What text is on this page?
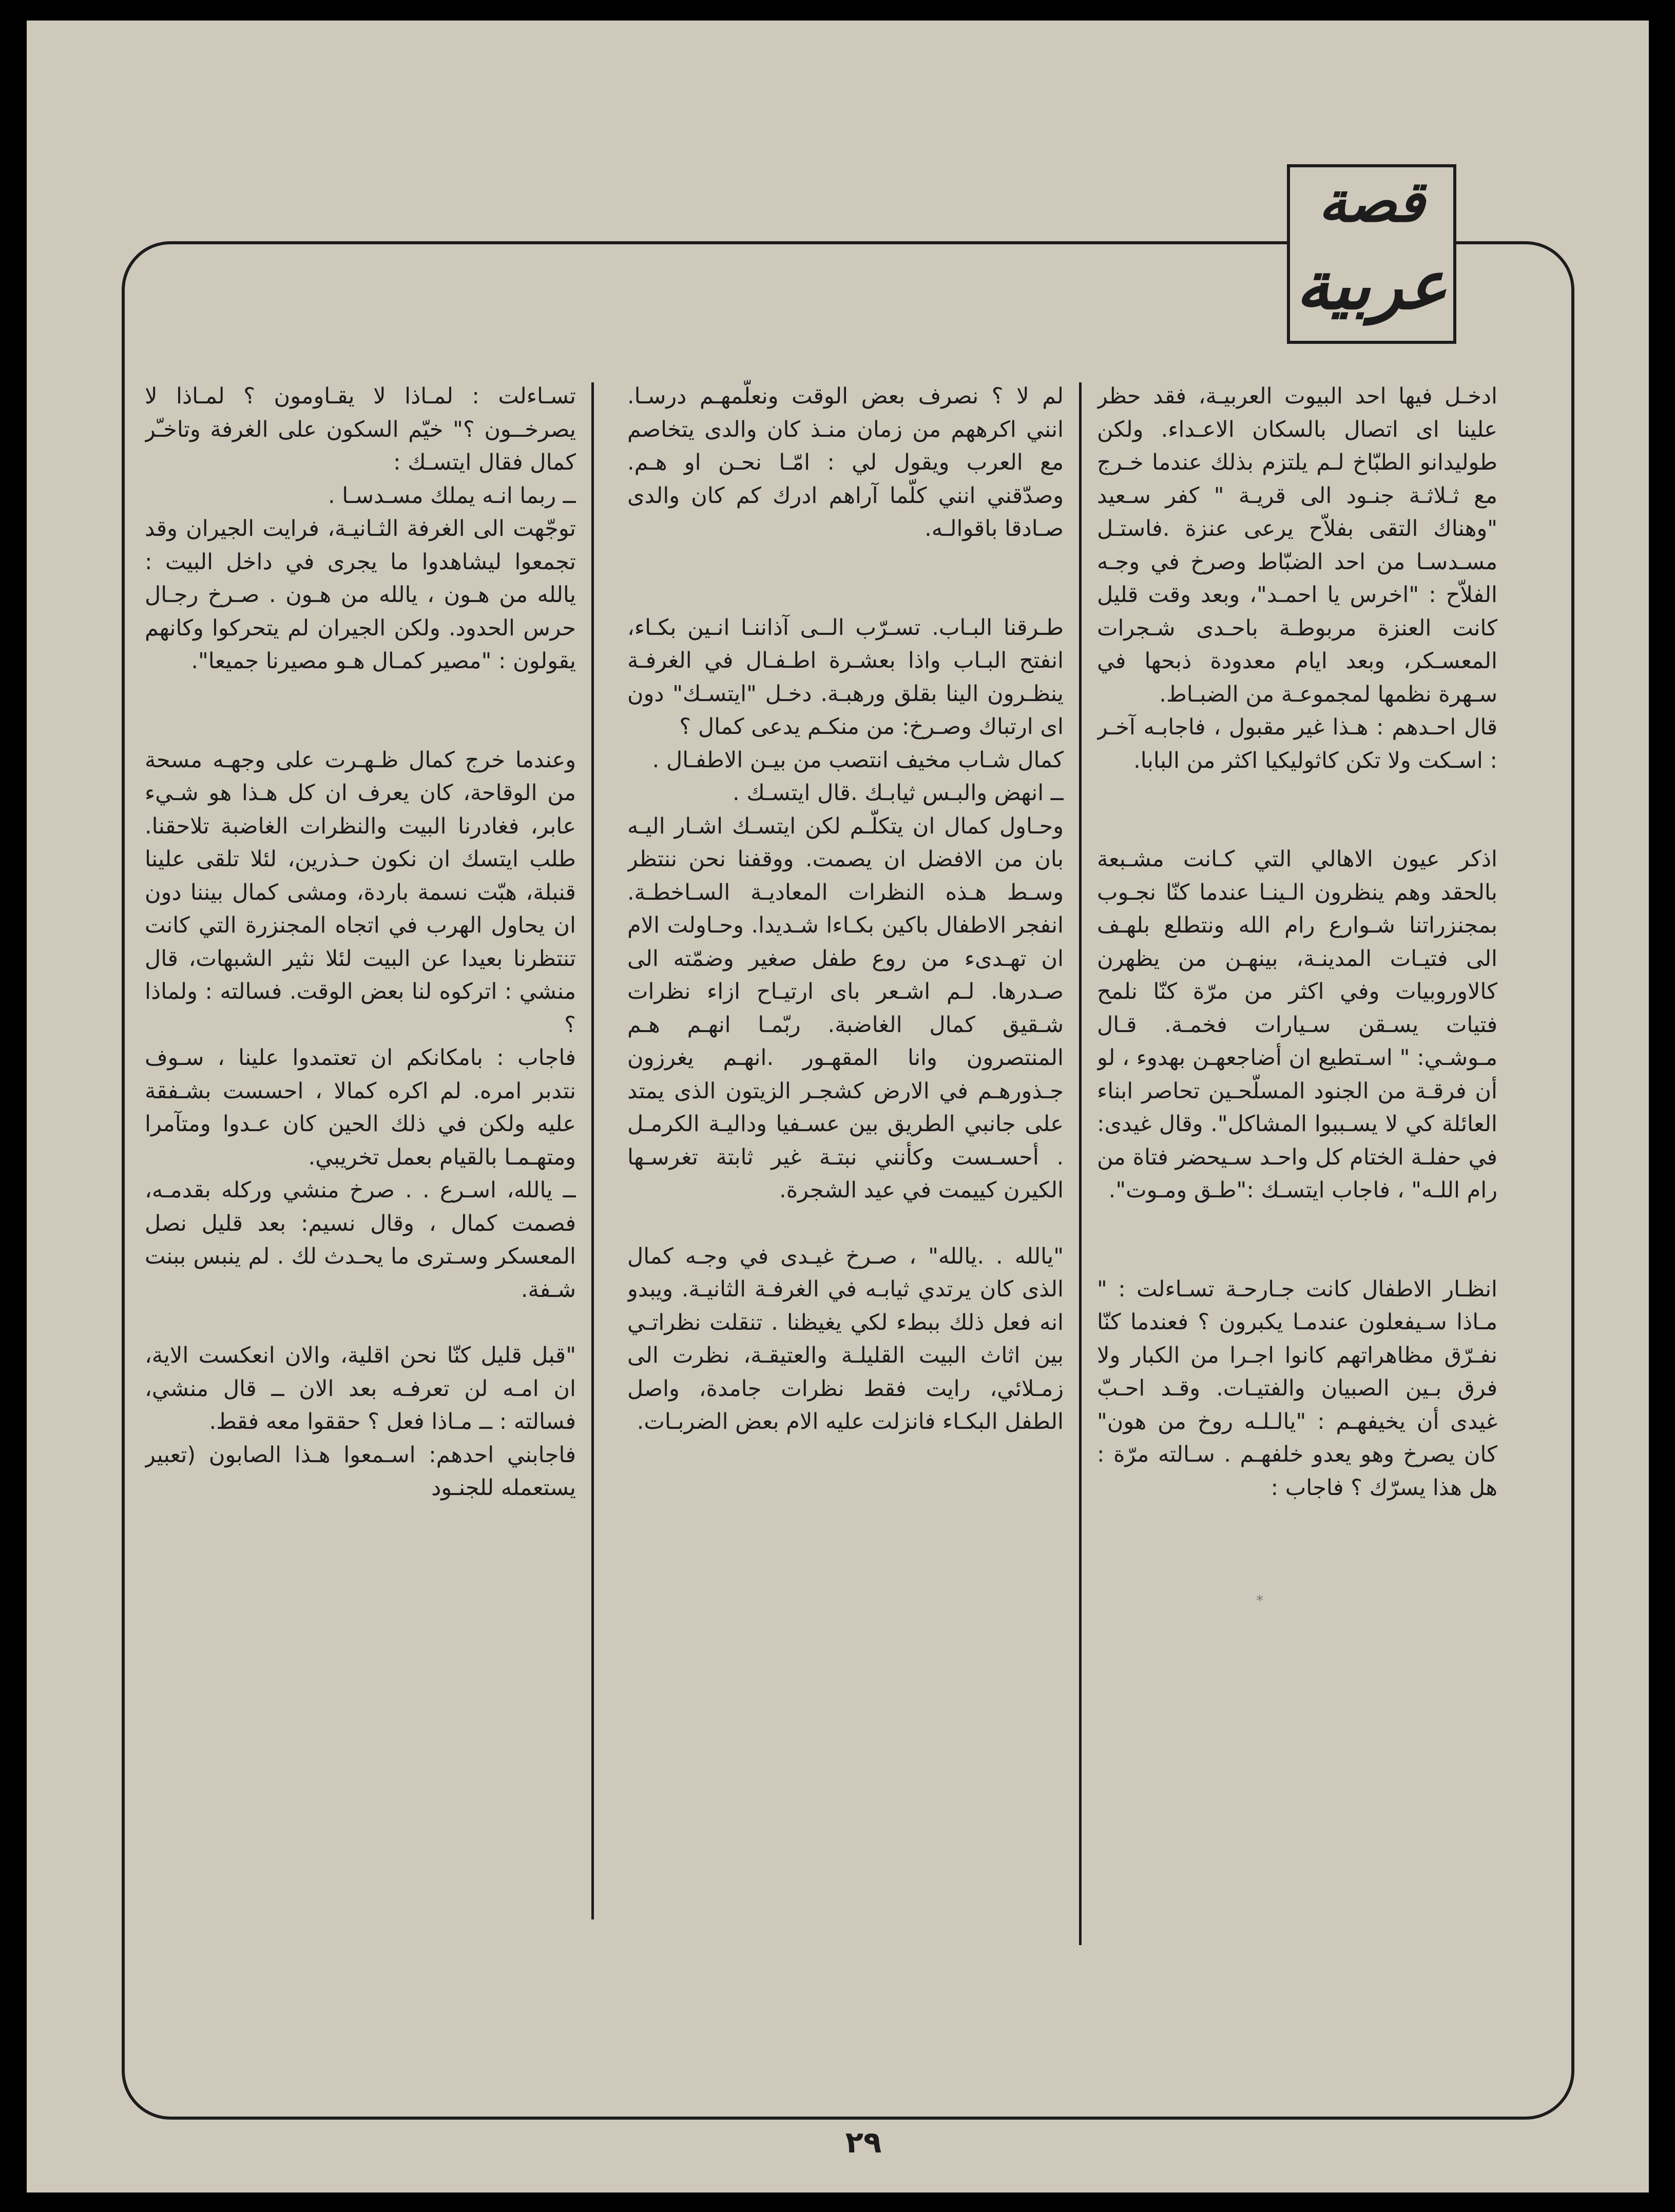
قصة
عربية

ادخـل فيها احد البيوت العربيـة، فقد حظر علينا اى اتصال بالسكان الاعـداء. ولكن طوليدانو الطبّاخ لـم يلتزم بذلك عندما خـرج مع ثـلاثـة جنـود الى قريـة " كفر سـعيد "وهناك التقى بفلاّح يرعى عنزة .فاستـل مسـدسـا من احد الضبّاط وصرخ في وجـه الفلاّح : "اخرس يا احمـد"، وبعد وقت قليل كانت العنزة مربوطـة باحـدى شـجرات المعسـكر، وبعد ايام معدودة ذبحها في سـهرة نظمها لمجموعـة من الضبـاط.

قال احـدهم : هـذا غير مقبول ، فاجابـه آخـر : اسـكت ولا تكن كاثوليكيا اكثر من البابا.

اذكر عيون الاهالي التي كـانت مشـبعة بالحقد وهم ينظرون الـينـا عندما كنّا نجـوب بمجنزراتنا شـوارع رام الله ونتطلع بلهـف الى فتيـات المدينـة، بينهـن من يظهرن كالاوروبيات وفي اكثر من مرّة كنّا نلمح فتيات يسـقن سـيارات فخمـة. قـال مـوشـي: " اسـتطيع ان أضاجعهـن بهدوء ، لو أن فرقـة من الجنود المسلّحـين تحاصر ابناء العائلة كي لا يسـببوا المشاكل". وقال غيدى: في حفلـة الختام كل واحـد سـيحضر فتاة من رام اللـه" ، فاجاب ايتسـك :"طـق ومـوت".

انظـار الاطفال كانت جـارحـة تسـاءلت : " مـاذا سـيفعلون عندمـا يكبرون ؟ فعندما كنّا نفـرّق مظاهراتهم كانوا اجـرا من الكبار ولا فرق بـين الصبيان والفتيـات. وقـد احـبّ غيدى أن يخيفهـم : "يالـلـه روخ من هون" كان يصرخ وهو يعدو خلفهـم . سـالته مرّة : هل هذا يسرّك ؟ فاجاب :

لم لا ؟ نصرف بعض الوقت ونعلّمهـم درسـا. انني اكرههم من زمان منـذ كان والدى يتخاصم مع العرب ويقول لي : امّـا نحـن او هـم. وصدّقني انني كلّما آراهم ادرك كم كان والدى صـادقا باقوالـه.

طـرقنا البـاب. تسـرّب الــى آذاننـا انـين بكـاء، انفتح البـاب واذا بعشـرة اطـفـال في الغرفـة ينظـرون الينا بقلق ورهبـة. دخـل "ايتسـك" دون اى ارتباك وصـرخ: من منكـم يدعى كمال ؟

كمال شـاب مخيف انتصب من بيـن الاطفـال .

ــ انهض والبـس ثيابـك .قال ايتسـك .

وحـاول كمال ان يتكلّـم لكن ايتسـك اشـار اليـه بان من الافضل ان يصمت. ووقفنا نحن ننتظر وسـط هـذه النظرات المعاديـة السـاخطـة. انفجر الاطفال باكين بكـاءا شـديدا. وحـاولت الام ان تهـدىء من روع طفل صغير وضمّته الى صـدرها. لـم اشـعر باى ارتيـاح ازاء نظرات شـقيق كمال الغاضبة. ربّمـا انهـم هـم المنتصرون وانا المقهـور .انهـم يغرزون جـذورهـم في الارض كشجـر الزيتون الذى يمتد على جانبي الطريق بين عسـفيا وداليـة الكرمـل . أحسـست وكأنني نبتـة غير ثابتة تغرسـها الكيرن كييمت في عيد الشجرة.

"يالله . .يالله" ، صـرخ غيـدى في وجـه كمال الذى كان يرتدي ثيابـه في الغرفـة الثانيـة. ويبدو انه فعل ذلك ببطء لكي يغيظنا . تنقلت نظراتـي بين اثاث البيت القليلـة والعتيقـة، نظرت الى زمـلائي، رايت فقط نظرات جامدة، واصل الطفل البكـاء فانزلت عليه الام بعض الضربـات.

تسـاءلت : لمـاذا لا يقـاومون ؟ لمـاذا لا يصرخــون ؟" خيّم السكون على الغرفة وتاخـّر كمال فقال ايتسـك :

ــ ربما انـه يملك مسـدسـا .

توجّهت الى الغرفة الثـانيـة، فرايت الجيران وقد تجمعوا ليشاهدوا ما يجرى في داخل البيت : يالله من هـون ، يالله من هـون . صـرخ رجـال حرس الحدود. ولكن الجيران لم يتحركوا وكانهم يقولون : "مصير كمـال هـو مصيرنا جميعا".

وعندما خرج كمال ظـهـرت على وجهـه مسحة من الوقاحة، كان يعرف ان كل هـذا هو شـيء عابر، فغادرنا البيت والنظرات الغاضبة تلاحقنا. طلب ايتسك ان نكون حـذرين، لئلا تلقى علينا قنبلة، هبّت نسمة باردة، ومشى كمال بيننا دون ان يحاول الهرب في اتجاه المجنزرة التي كانت تنتظرنا بعيدا عن البيت لئلا نثير الشبهات، قال منشي : اتركوه لنا بعض الوقت. فسالته : ولماذا ؟

فاجاب : بامكانكم ان تعتمدوا علينا ، سـوف نتدبر امره. لم اكره كمالا ، احسست بشـفقة عليه ولكن في ذلك الحين كان عـدوا ومتآمرا ومتهـمـا بالقيام بعمل تخريبي.

ــ يالله، اسـرع . . صرخ منشي وركله بقدمـه، فصمت كمال ، وقال نسيم: بعد قليل نصل المعسكر وسـترى ما يحـدث لك . لم ينبس ببنت شـفة.

"قبل قليل كنّا نحن اقلية، والان انعكست الاية، ان امـه لن تعرفـه بعد الان ــ قال منشي، فسالته : ــ مـاذا فعل ؟ حققوا معه فقط.

فاجابني احدهم: اسـمعوا هـذا الصابون (تعبير يستعمله للجنـود

*
٢٩
